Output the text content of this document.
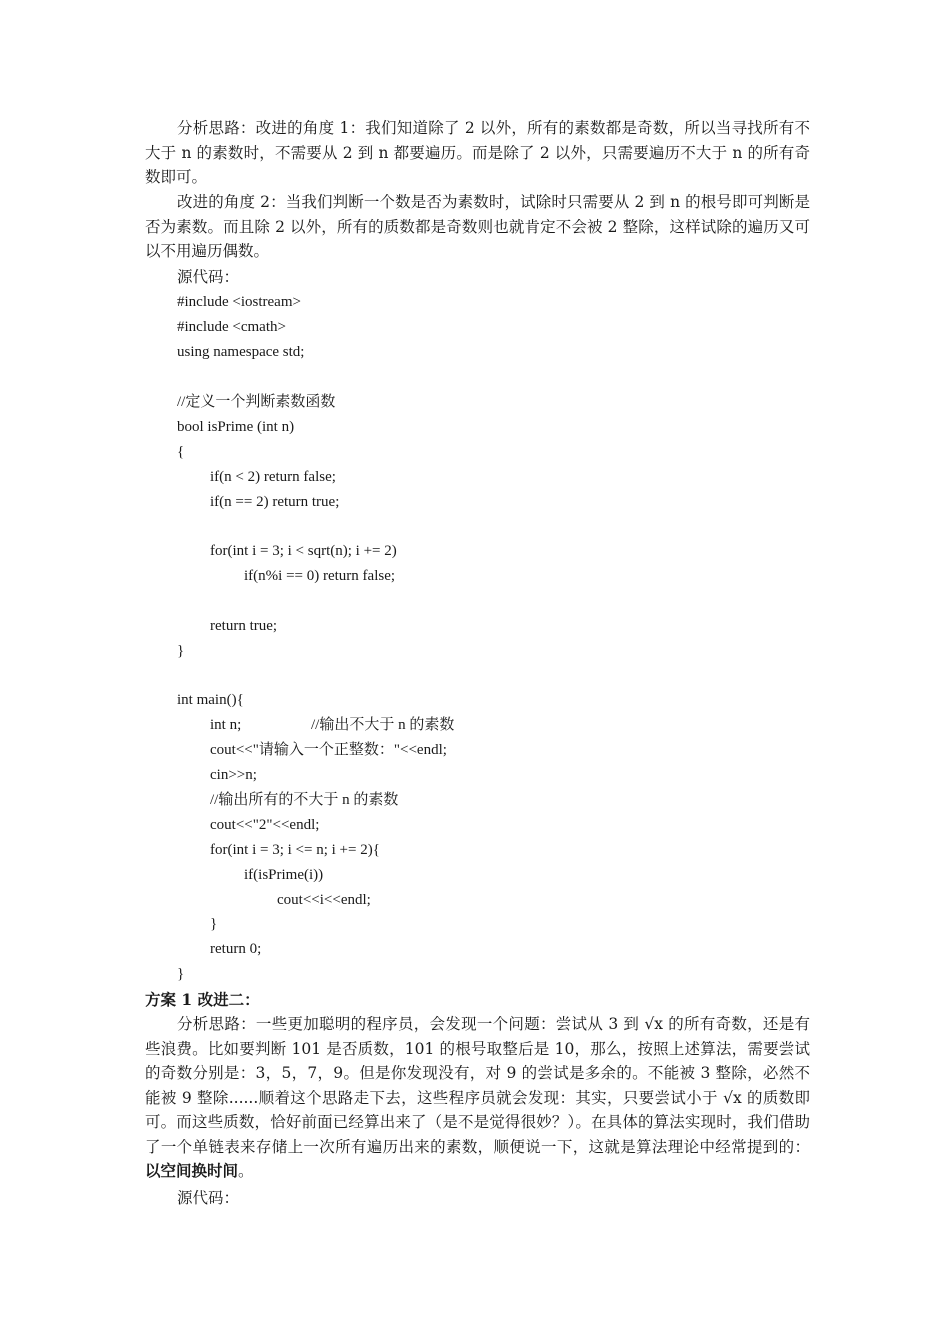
分析思路：改进的角度 1：我们知道除了 2 以外，所有的素数都是奇数，所以当寻找所有不大于 n 的素数时，不需要从 2 到 n 都要遍历。而是除了 2 以外，只需要遍历不大于 n 的所有奇数即可。

改进的角度 2：当我们判断一个数是否为素数时，试除时只需要从 2 到 n 的根号即可判断是否为素数。而且除 2 以外，所有的质数都是奇数则也就肯定不会被 2 整除，这样试除的遍历又可以不用遍历偶数。

源代码：

#include <iostream>

#include <cmath>

using namespace std;

//定义一个判断素数函数

bool isPrime (int n)

{

if(n < 2) return false;

if(n == 2) return true;

for(int i = 3; i < sqrt(n); i += 2)

if(n%i == 0) return false;

return true;

}

int main(){

int n;	//输出不大于 n 的素数

cout<<"请输入一个正整数："<<endl;

cin>>n;

//输出所有的不大于 n 的素数

cout<<"2"<<endl;

for(int i = 3; i <= n; i += 2){

if(isPrime(i))

cout<<i<<endl;

}

return 0;

}

方案 1 改进二：

分析思路：一些更加聪明的程序员，会发现一个问题：尝试从 3 到 √x 的所有奇数，还是有些浪费。比如要判断 101 是否质数，101 的根号取整后是 10，那么，按照上述算法，需要尝试的奇数分别是：3，5，7，9。但是你发现没有，对 9 的尝试是多余的。不能被 3 整除，必然不能被 9 整除......顺着这个思路走下去，这些程序员就会发现：其实，只要尝试小于 √x 的质数即可。而这些质数，恰好前面已经算出来了（是不是觉得很妙？）。在具体的算法实现时，我们借助了一个单链表来存储上一次所有遍历出来的素数，顺便说一下，这就是算法理论中经常提到的：以空间换时间。

源代码：
